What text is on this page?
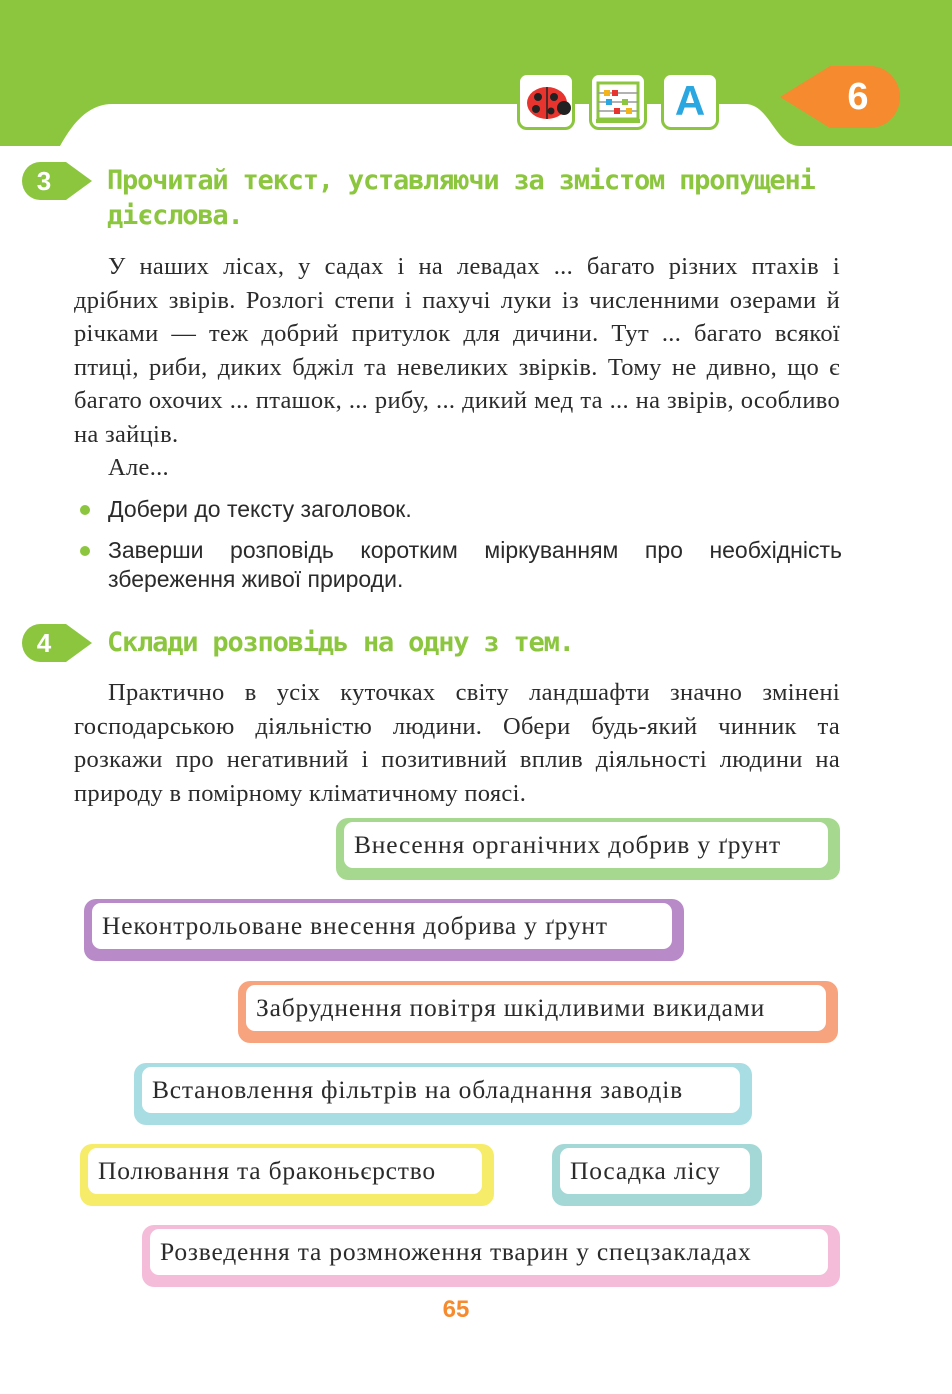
A	6
3	Прочитай текст, уставляючи за змістом пропущені дієслова.

У наших лісах, у садах і на левадах ... багато різних птахів і дрібних звірів. Розлогі степи і пахучі луки із численними озерами й річками — теж добрий притулок для дичини. Тут ... багато всякої птиці, риби, диких бджіл та невеликих звірків. Тому не дивно, що є багато охочих ... пташок, ... рибу, ... дикий мед та ... на звірів, особливо на зайців.

Але...

Добери до тексту заголовок.
Заверши розповідь коротким міркуванням про необхідність збереження живої природи.
4	Склади розповідь на одну з тем.

Практично в усіх куточках світу ландшафти значно змінені господарською діяльністю людини. Обери будь-який чинник та розкажи про негативний і позитивний вплив діяльності людини на природу в помірному кліматичному поясі.

Внесення органічних добрив у ґрунт
Неконтрольоване внесення добрива у ґрунт
Забруднення повітря шкідливими викидами
Встановлення фільтрів на обладнання заводів
Полювання та браконьєрство	Посадка лісу
Розведення та розмноження тварин у спецзакладах
65
